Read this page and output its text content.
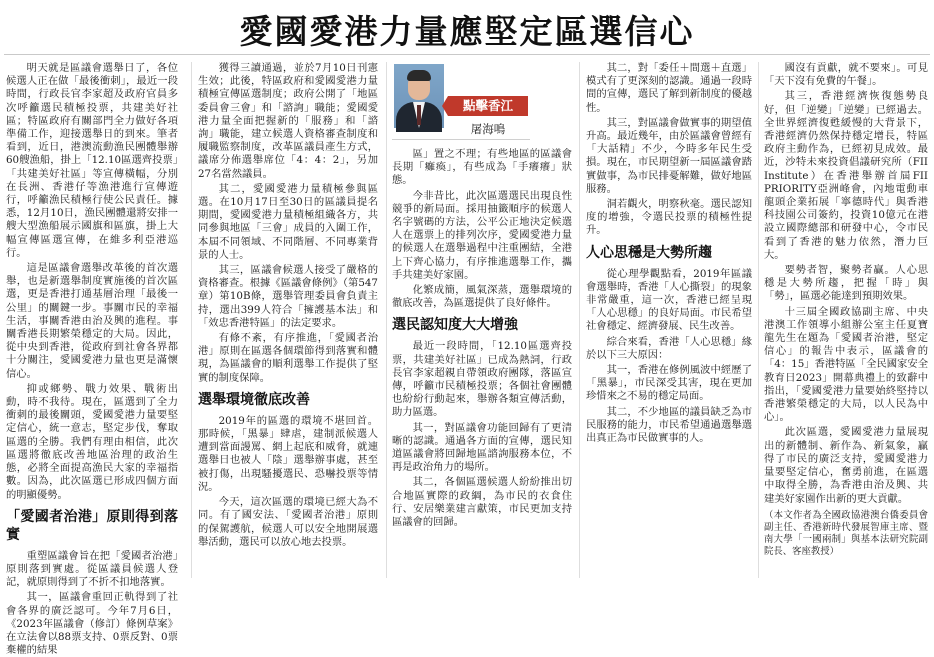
愛國愛港力量應堅定區選信心

明天就是區議會選舉日了，各位候選人正在做「最後衝刺」，最近一段時間，行政長官李家超及政府官員多次呼籲選民積極投票，共建美好社區；特區政府有關部門全力做好各項準備工作，迎接選舉日的到來。筆者看到，近日，港澳流動漁民團體舉辦60艘漁船，掛上「12.10區選齊投票」「共建美好社區」等宣傳橫幅，分別在長洲、香港仔等漁港進行宣傳遊行，呼籲漁民積極行使公民責任。據悉，12月10日，漁民團體還將安排一艘大型漁船展示國旗和區旗，掛上大幅宣傳區選宣傳，在維多利亞港巡行。

這是區議會選舉改革後的首次選舉，也是新選舉制度實施後的首次區選，更是香港打通基層治理「最後一公里」的關鍵一步。事關市民的幸福生活，事關香港由治及興的進程。事關香港長期繁榮穩定的大局。因此，從中央到香港，從政府到社會各界都十分關注，愛國愛港力量也更是滿懷信心。

抑或鄉勢、戰力效果、戰術出動，時不我待。現在，區選到了全力衝刺的最後關頭，愛國愛港力量要堅定信心，統一意志，堅定步伐，奪取區選的全勝。我們有理由相信，此次區選將徹底改善地區治理的政治生態，必將全面提高漁民大家的幸福指數。因為，此次區選已形成四個方面的明顯優勢。

「愛國者治港」原則得到落實

重塑區議會旨在把「愛國者治港」原則落到實處。從區議員候選人登記，就原則得到了不折不扣地落實。

其一，區議會重回正軌得到了社會各界的廣泛認可。今年7月6日，《2023年區議會（修訂）條例草案》在立法會以88票支持、0票反對、0票棄權的結果

獲得三讀通過，並於7月10日刊憲生效；此後，特區政府和愛國愛港力量積極宣傳區選制度；政府公開了「地區委員會三會」和「諮詢」職能；愛國愛港力量全面把握新的「服務」和「諮詢」職能，建立候選人資格審查制度和履職監察制度，改革區議員產生方式，議席分佈選舉席位「4：4：2」，另加27名當然議員。

其二，愛國愛港力量積極參與區選。在10月17日至30日的區議員提名期間，愛國愛港力量積極組織各方，共同參與地區「三會」成員的入圍工作，本屆不同領域、不同階層、不同專業背景的人士。

其三，區議會候選人接受了嚴格的資格審查。根據《區議會條例》（第547章）第10B條，選舉管理委員會負責主持，選出399人符合「擁護基本法」和「效忠香港特區」的法定要求。

有條不紊，有序推進，「愛國者治港」原則在區選各個環節得到落實和體現，為區議會的順利選舉工作提供了堅實的制度保障。

選舉環境徹底改善

2019年的區選的環境不堪回首。那時候，「黑暴」肆虐，建制派候選人遭到當面謾罵、網上起底和威脅，就連選舉日也被人「陰」選舉辦事處，甚至被打傷，出現騷擾選民、恐嚇投票等情況。

今天，這次區選的環境已經大為不同。有了國安法、「愛國者治港」原則的保駕護航，候選人可以安全地開展選舉活動，選民可以放心地去投票。

點擊香江
屠海鳴

區」置之不理；有些地區的區議會長期「癱瘓」，有些成為「手癢癢」狀態。

今非昔比，此次區選選民出現良性競爭的新局面。採用抽籤順序的候選人名字號碼的方法，公平公正地決定候選人在選票上的排列次序，愛國愛港力量的候選人在選舉過程中注重團結，全港上下齊心協力，有序推進選舉工作，攜手共建美好家園。

化繁成簡，風氣深蒸，選舉環境的徹底改善，為區選提供了良好條件。

選民認知度大大增強

最近一段時間，「12.10區選齊投票，共建美好社區」已成為熱詞，行政長官李家超親自帶領政府團隊，落區宣傳，呼籲市民積極投票；各個社會團體也紛紛行動起來，舉辦各類宣傳活動，助力區選。

其一，對區議會功能回歸有了更清晰的認識。通過各方面的宣傳，選民知道區議會將回歸地區諮詢服務本位，不再是政治角力的場所。

其二，各個區選候選人紛紛推出切合地區實際的政綱，為市民的衣食住行、安居樂業建言獻策，市民更加支持區議會的回歸。

其二，對「委任＋間選＋直選」模式有了更深刻的認識。通過一段時間的宣傳，選民了解到新制度的優越性。

其三，對區議會做實事的期望值升高。最近幾年，由於區議會曾經有「大話精」不少，今時多年民生受損。現在，市民期望新一屆區議會踏實做事，為市民排憂解難，做好地區服務。

洞若觀火，明察秋毫。選民認知度的增強，令選民投票的積極性提升。

人心思穩是大勢所趨

從心理學觀點看，2019年區議會選舉時，香港「人心撕裂」的現象非常嚴重，這一次，香港已經呈現「人心思穩」的良好局面。市民希望社會穩定、經濟發展、民生改善。

綜合來看，香港「人心思穩」緣於以下三大原因：

其一，香港在修例風波中經歷了「黑暴」，市民深受其害，現在更加珍惜來之不易的穩定局面。

其二，不少地區的議員缺乏為市民服務的能力，市民希望通過選舉選出真正為市民做實事的人。

國沒有貢獻，就不要來」。可見「天下沒有免費的午餐」。

其三，香港經濟恢復態勢良好，但「逆變」「逆變」已經過去。全世界經濟復甦緩慢的大背景下，香港經濟仍然保持穩定增長，特區政府主動作為，已經初見成效。最近，沙特未來投資倡議研究所（FII Institute）在香港舉辦首屆FII PRIORITY亞洲峰會，內地電動車龍頭企業拓展「寧德時代」與香港科技園公司簽約，投資10億元在港設立國際總部和研發中心，令市民看到了香港的魅力依然，潛力巨大。

要勢者智，聚勢者贏。人心思穩是大勢所趨，把握「時」與「勢」，區選必能達到預期效果。

十三屆全國政協副主席、中央港澳工作領導小組辦公室主任夏寶龍先生在題為「愛國者治港，堅定信心」的報告中表示，區議會的「4：15」香港特區「全民國家安全教育日2023」開幕典禮上的致辭中指出，「愛國愛港力量要始終堅持以香港繁榮穩定的大局，以人民為中心」。

此次區選，愛國愛港力量展現出的新體制、新作為、新氣象，贏得了市民的廣泛支持，愛國愛港力量要堅定信心，奮勇前進，在區選中取得全勝，為香港由治及興、共建美好家園作出新的更大貢獻。

（本文作者為全國政協港澳台僑委員會副主任、香港新時代發展智庫主席、暨南大學「一國兩制」與基本法研究院副院長、客座教授）
